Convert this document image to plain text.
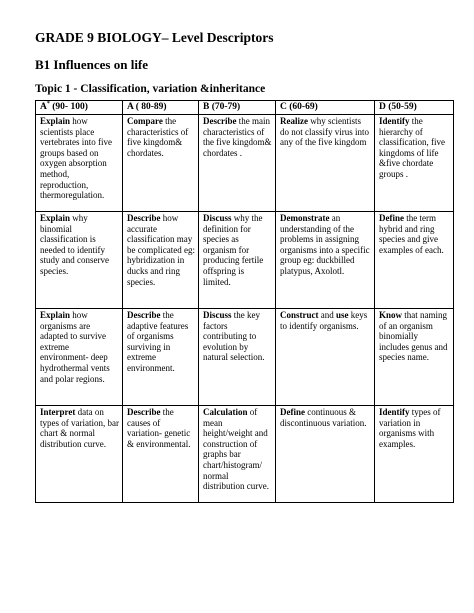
GRADE 9 BIOLOGY– Level Descriptors
B1 Influences on life
Topic 1 - Classification, variation &inheritance
A* (90- 100)	A ( 80-89)	B (70-79)	C (60-69)	D (50-59)
Explain how scientists place vertebrates into five groups based on oxygen absorption method, reproduction, thermoregulation.	Compare the characteristics of five kingdom& chordates.	Describe the main characteristics of the five kingdom& chordates .	Realize why scientists do not classify virus into any of the five kingdom	Identify the hierarchy of classification, five kingdoms of life &five chordate groups .
Explain why binomial classification is needed to identify study and conserve species.	Describe how accurate classification may be complicated eg: hybridization in ducks and ring species.	Discuss why the definition for species as organism for producing fertile offspring is limited.	Demonstrate an understanding of the problems in assigning organisms into a specific group eg: duckbilled platypus, Axolotl.	Define the term hybrid and ring species and give examples of each.
Explain how organisms are adapted to survive extreme environment- deep hydrothermal vents and polar regions.	Describe the adaptive features of organisms surviving in extreme environment.	Discuss the key factors contributing to evolution by natural selection.	Construct and use keys to identify organisms.	Know that naming of an organism binomially includes genus and species name.
Interpret data on types of variation, bar chart & normal distribution curve.	Describe the causes of variation- genetic & environmental.	Calculation of mean height/weight and construction of graphs bar chart/histogram/ normal distribution curve.	Define continuous & discontinuous variation.	Identify types of variation in organisms with examples.
